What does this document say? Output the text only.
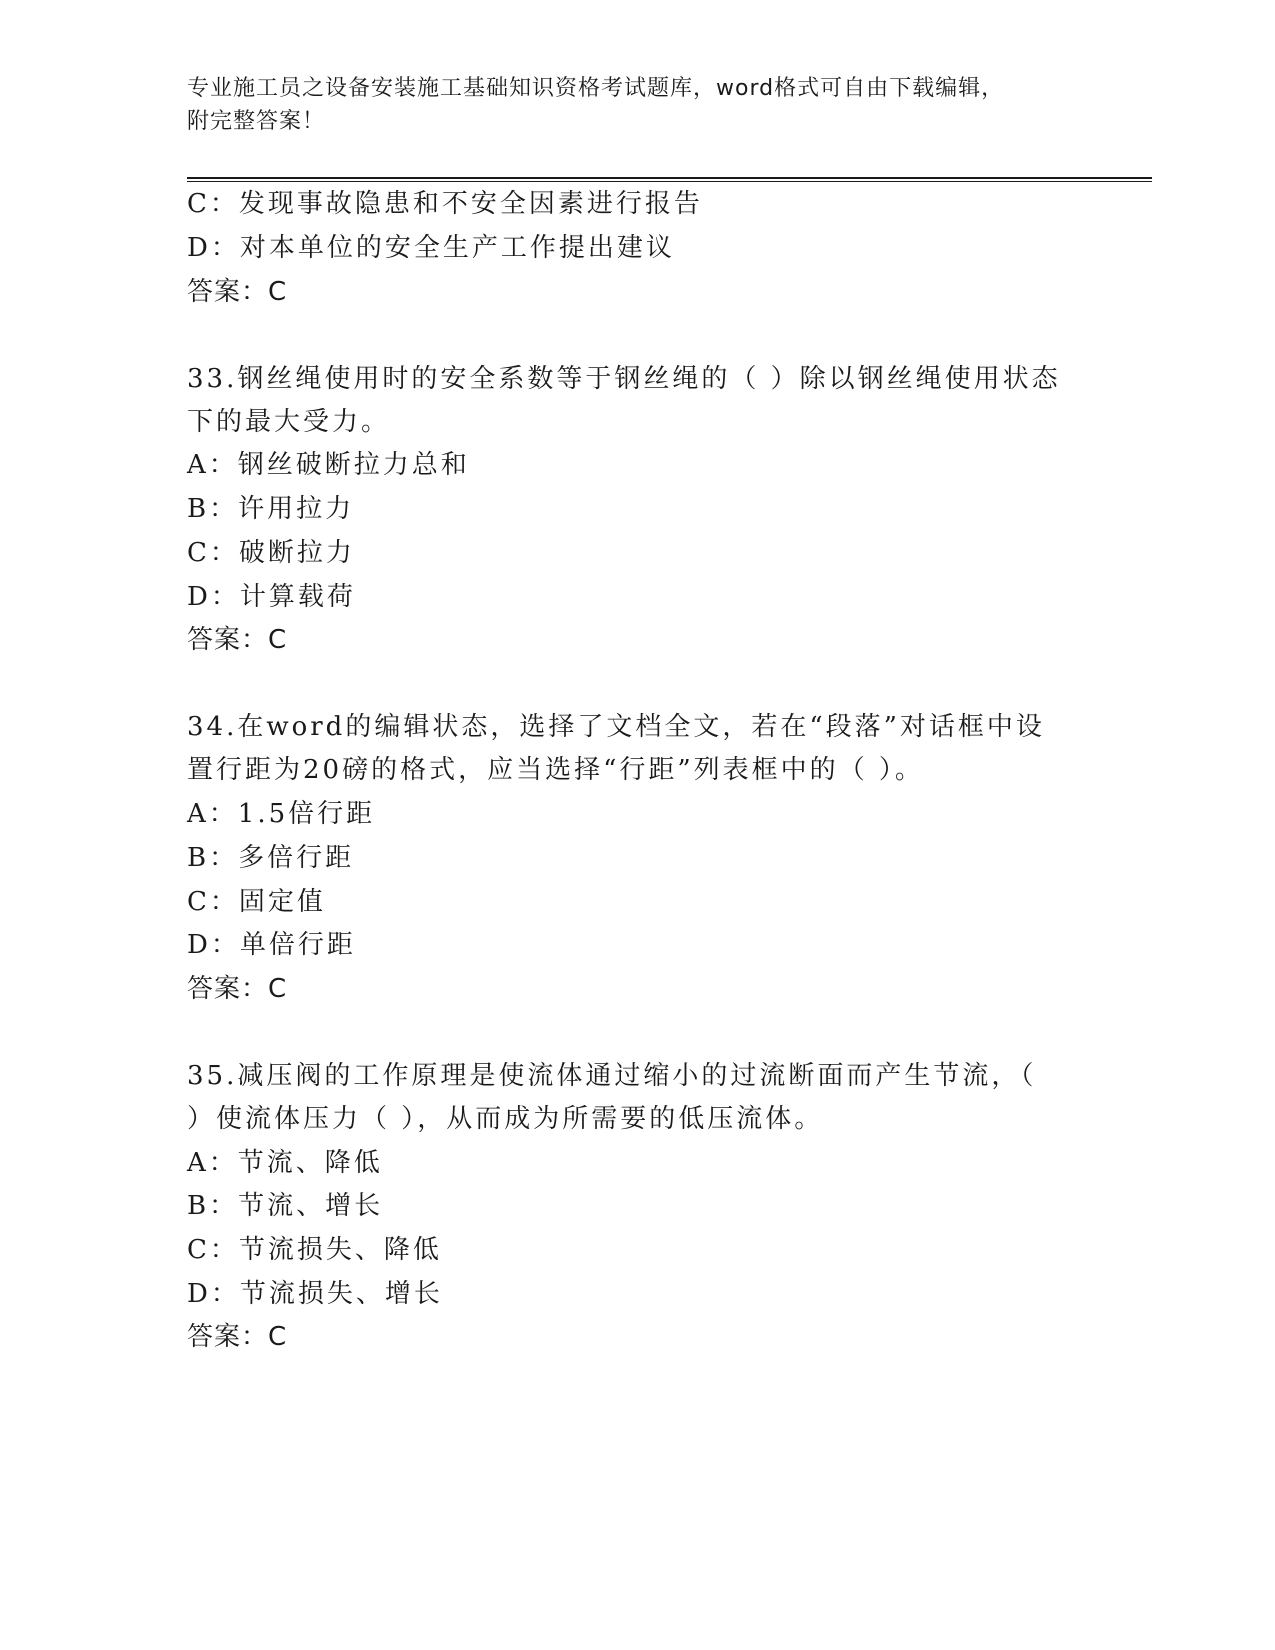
专业施工员之设备安装施工基础知识资格考试题库，word格式可自由下载编辑，
附完整答案！
C：发现事故隐患和不安全因素进行报告
D：对本单位的安全生产工作提出建议
答案：C
33.钢丝绳使用时的安全系数等于钢丝绳的（ ）除以钢丝绳使用状态
下的最大受力。
A：钢丝破断拉力总和
B：许用拉力
C：破断拉力
D：计算载荷
答案：C
34.在word的编辑状态，选择了文档全文，若在“段落”对话框中设
置行距为20磅的格式，应当选择“行距”列表框中的（ ）。
A：1.5倍行距
B：多倍行距
C：固定值
D：单倍行距
答案：C
35.减压阀的工作原理是使流体通过缩小的过流断面而产生节流，（
）使流体压力（ ），从而成为所需要的低压流体。
A：节流、降低
B：节流、增长
C：节流损失、降低
D：节流损失、增长
答案：C
